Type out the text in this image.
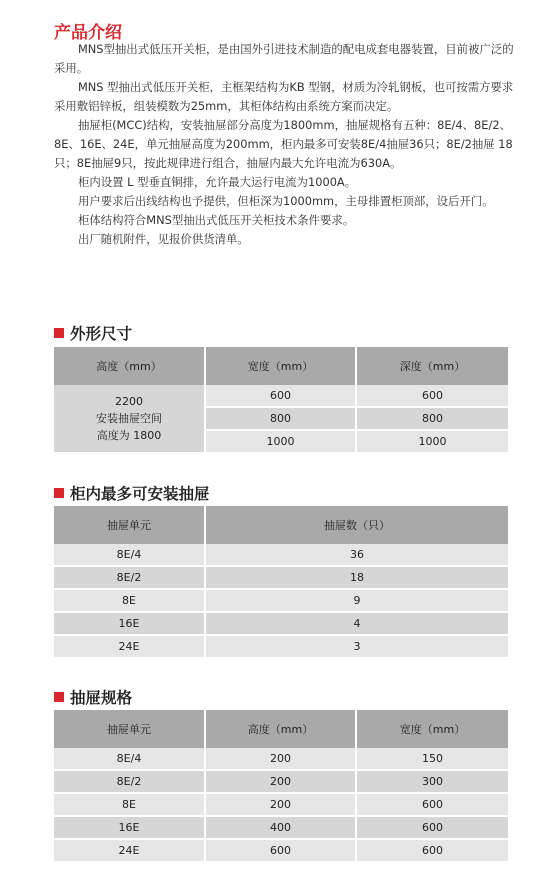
产品介绍

MNS型抽出式低压开关柜，是由国外引进技术制造的配电成套电器装置，目前被广泛的采用。

MNS 型抽出式低压开关柜，主框架结构为KB 型钢，材质为冷轧钢板，也可按需方要求采用敷铝锌板，组装模数为25mm，其柜体结构由系统方案而决定。

抽屉柜(MCC)结构，安装抽屉部分高度为1800mm，抽屉规格有五种：8E/4、8E/2、8E、16E、24E，单元抽屉高度为200mm，柜内最多可安装8E/4抽屉36只；8E/2抽屉 18只；8E抽屉9只，按此规律进行组合，抽屉内最大允许电流为630A。

柜内设置 L 型垂直铜排，允许最大运行电流为1000A。

用户要求后出线结构也予提供，但柜深为1000mm，主母排置柜顶部，设后开门。

柜体结构符合MNS型抽出式低压开关柜技术条件要求。

出厂随机附件，见报价供货清单。

外形尺寸
高度（mm）	宽度（mm）	深度（mm）

2200
安装抽屉空间
高度为 1800	600	600
	800	800
	1000	1000
柜内最多可安装抽屉
抽屉单元	抽屉数（只）
8E/4	36
8E/2	18
8E	9
16E	4
24E	3
抽屉规格
抽屉单元	高度（mm）	宽度（mm）
8E/4	200	150
8E/2	200	300
8E	200	600
16E	400	600
24E	600	600
